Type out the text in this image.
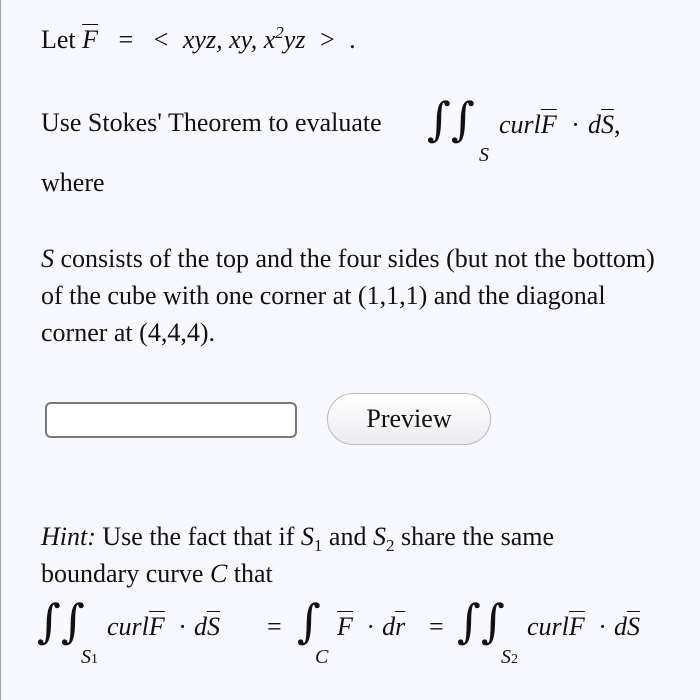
Let $\overline{F}$ = < xyz, xy, $x^2yz$ > .
Use Stokes' Theorem to evaluate ∫∫
S
$curl\overline{F} \cdot d\overline{S}$,
where
S consists of the top and the four sides (but not the bottom) of the cube with one corner at (1,1,1) and the diagonal corner at (4,4,4).
Preview
Hint: Use the fact that if $S_1$ and $S_2$ share the same
boundary curve C that
∫∫
S1
$curl\overline{F} \cdot d\overline{S}$ = ∫
C
$\overline{F} \cdot d\overline{r}$ = ∫∫
S2
$curl\overline{F} \cdot d\overline{S}$
